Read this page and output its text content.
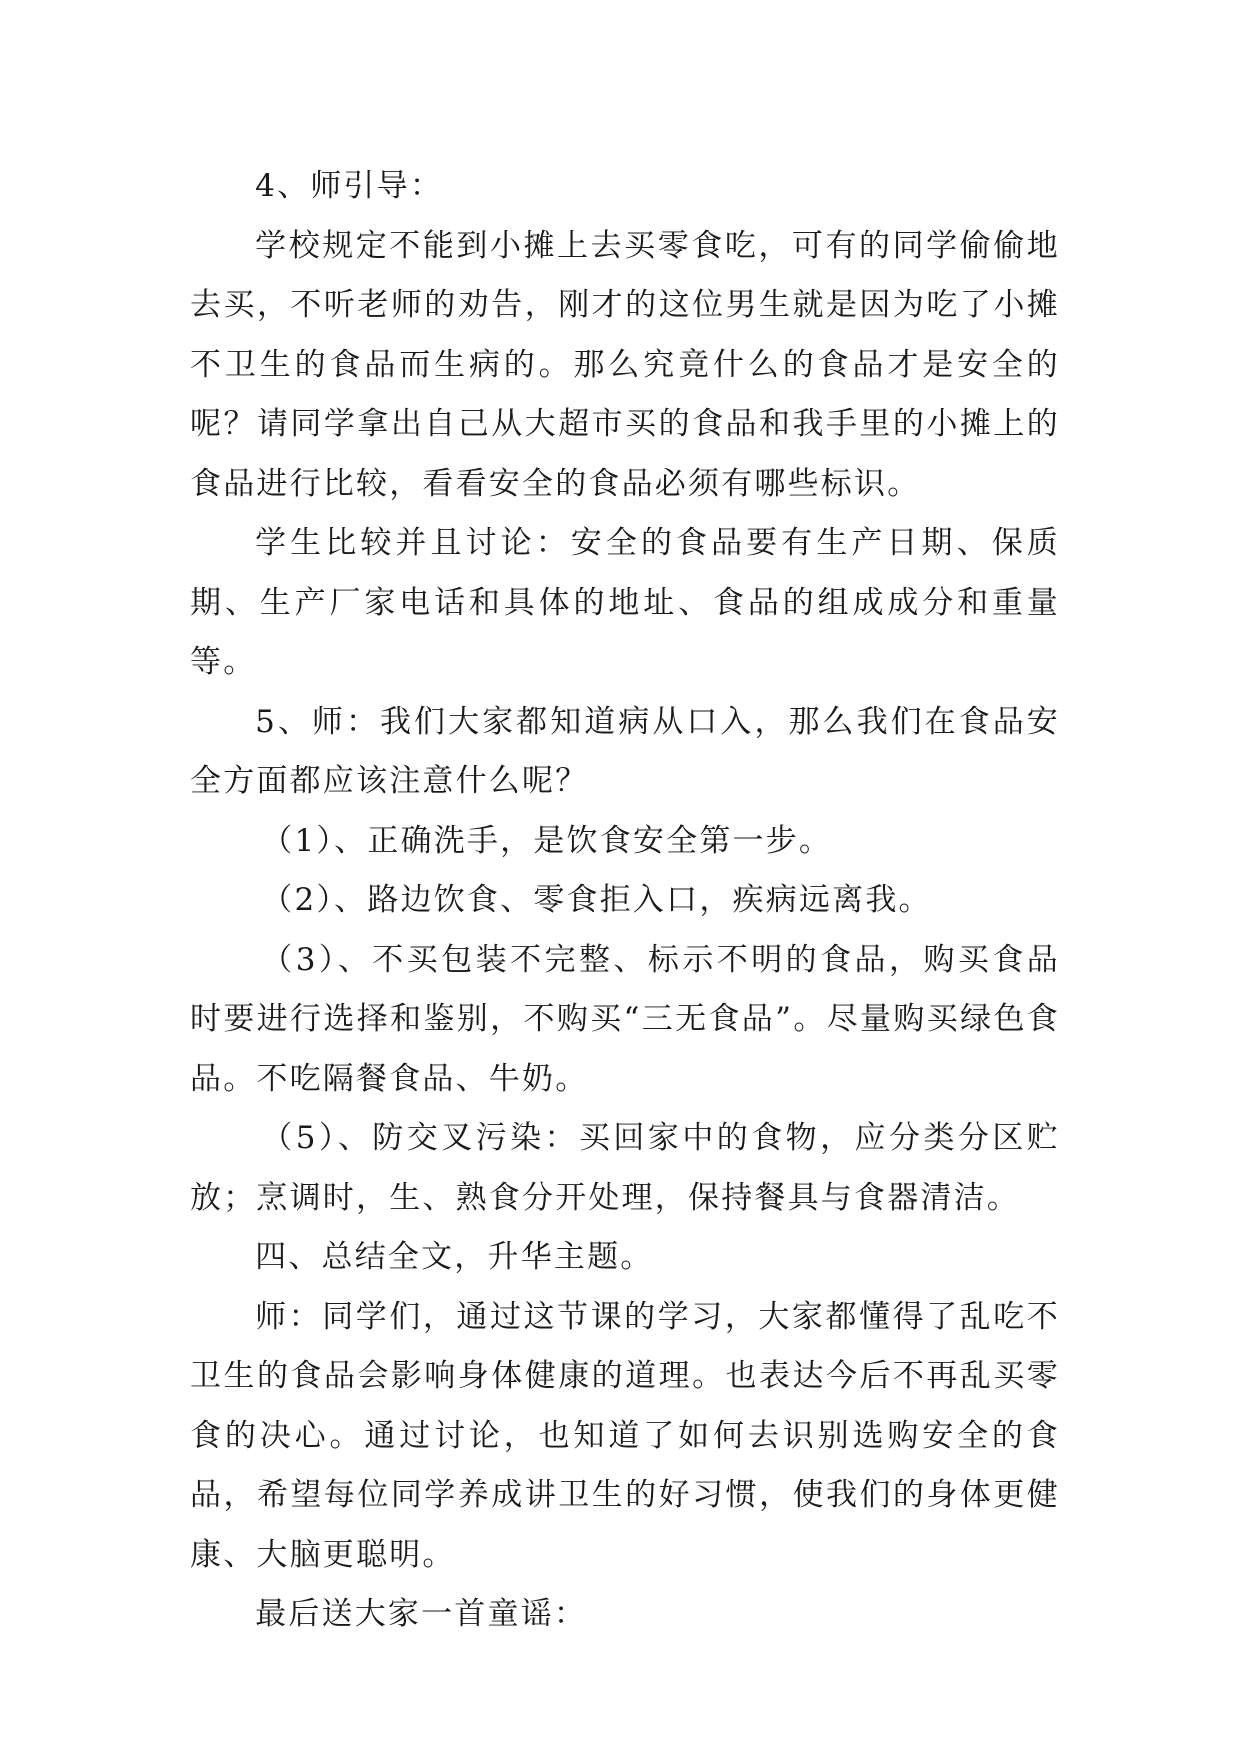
4、师引导：

学校规定不能到小摊上去买零食吃，可有的同学偷偷地去买，不听老师的劝告，刚才的这位男生就是因为吃了小摊不卫生的食品而生病的。那么究竟什么的食品才是安全的呢？请同学拿出自己从大超市买的食品和我手里的小摊上的食品进行比较，看看安全的食品必须有哪些标识。

学生比较并且讨论：安全的食品要有生产日期、保质期、生产厂家电话和具体的地址、食品的组成成分和重量等。

5、师：我们大家都知道病从口入，那么我们在食品安全方面都应该注意什么呢？

（1）、正确洗手，是饮食安全第一步。

（2）、路边饮食、零食拒入口，疾病远离我。

（3）、不买包装不完整、标示不明的食品，购买食品时要进行选择和鉴别，不购买“三无食品”。尽量购买绿色食品。不吃隔餐食品、牛奶。

（5）、防交叉污染：买回家中的食物，应分类分区贮放；烹调时，生、熟食分开处理，保持餐具与食器清洁。

四、总结全文，升华主题。

师：同学们，通过这节课的学习，大家都懂得了乱吃不卫生的食品会影响身体健康的道理。也表达今后不再乱买零食的决心。通过讨论，也知道了如何去识别选购安全的食品，希望每位同学养成讲卫生的好习惯，使我们的身体更健康、大脑更聪明。

最后送大家一首童谣：
